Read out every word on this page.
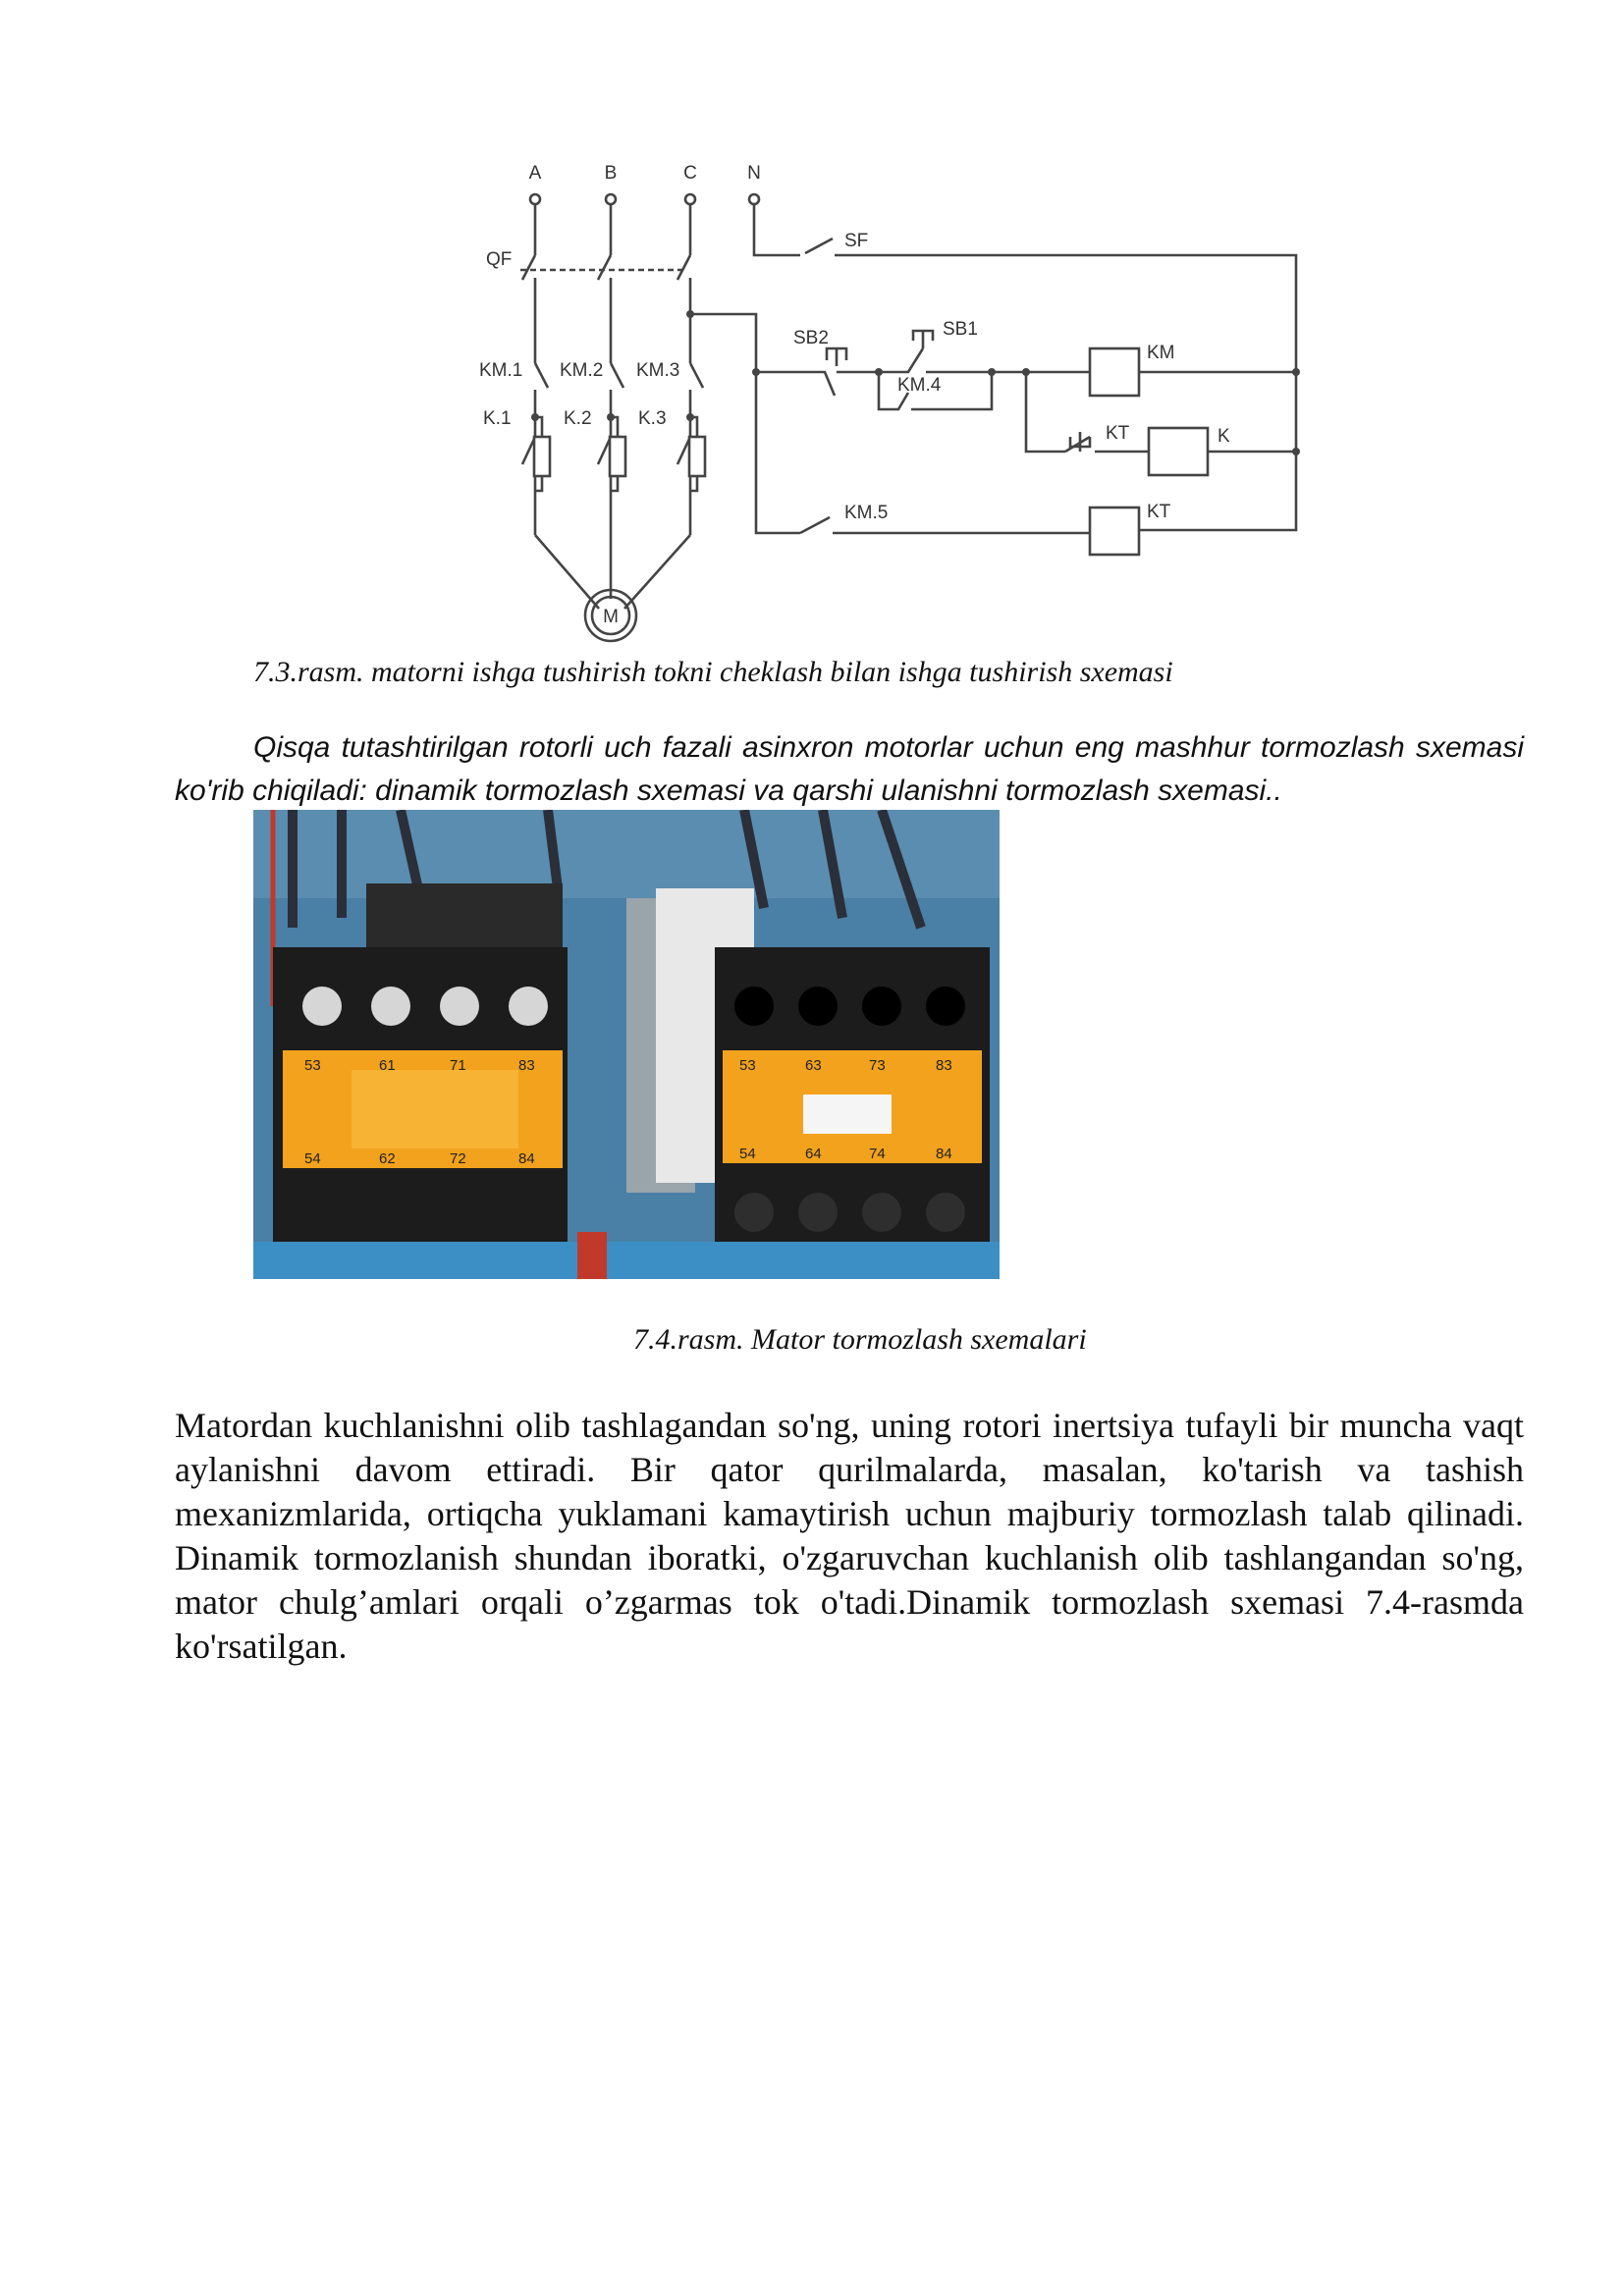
A	B	C	N
QF
KM.1 KM.2 KM.3
K.1	K.2 K.3
M
SF
SB2	SB1
KM.4
KM
KT	K
KM.5	KT
7.3.rasm. matorni ishga tushirish tokni cheklash bilan ishga tushirish sxemasi
Qisqa tutashtirilgan rotorli uch fazali asinxron motorlar uchun eng mashhur tormozlash sxemasi ko'rib chiqiladi: dinamik tormozlash sxemasi va qarshi ulanishni tormozlash sxemasi..
53	61	71	83
54	62	72	84
53	63	73	83
54	64	74	84
7.4.rasm. Mator tormozlash sxemalari
Matordan kuchlanishni olib tashlagandan so'ng, uning rotori inertsiya tufayli bir muncha vaqt aylanishni davom ettiradi. Bir qator qurilmalarda, masalan, ko'tarish va tashish mexanizmlarida, ortiqcha yuklamani kamaytirish uchun majburiy tormozlash talab qilinadi. Dinamik tormozlanish shundan iboratki, o'zgaruvchan kuchlanish olib tashlangandan so'ng, mator chulg’amlari orqali o’zgarmas tok o'tadi.Dinamik tormozlash sxemasi 7.4-rasmda ko'rsatilgan.
